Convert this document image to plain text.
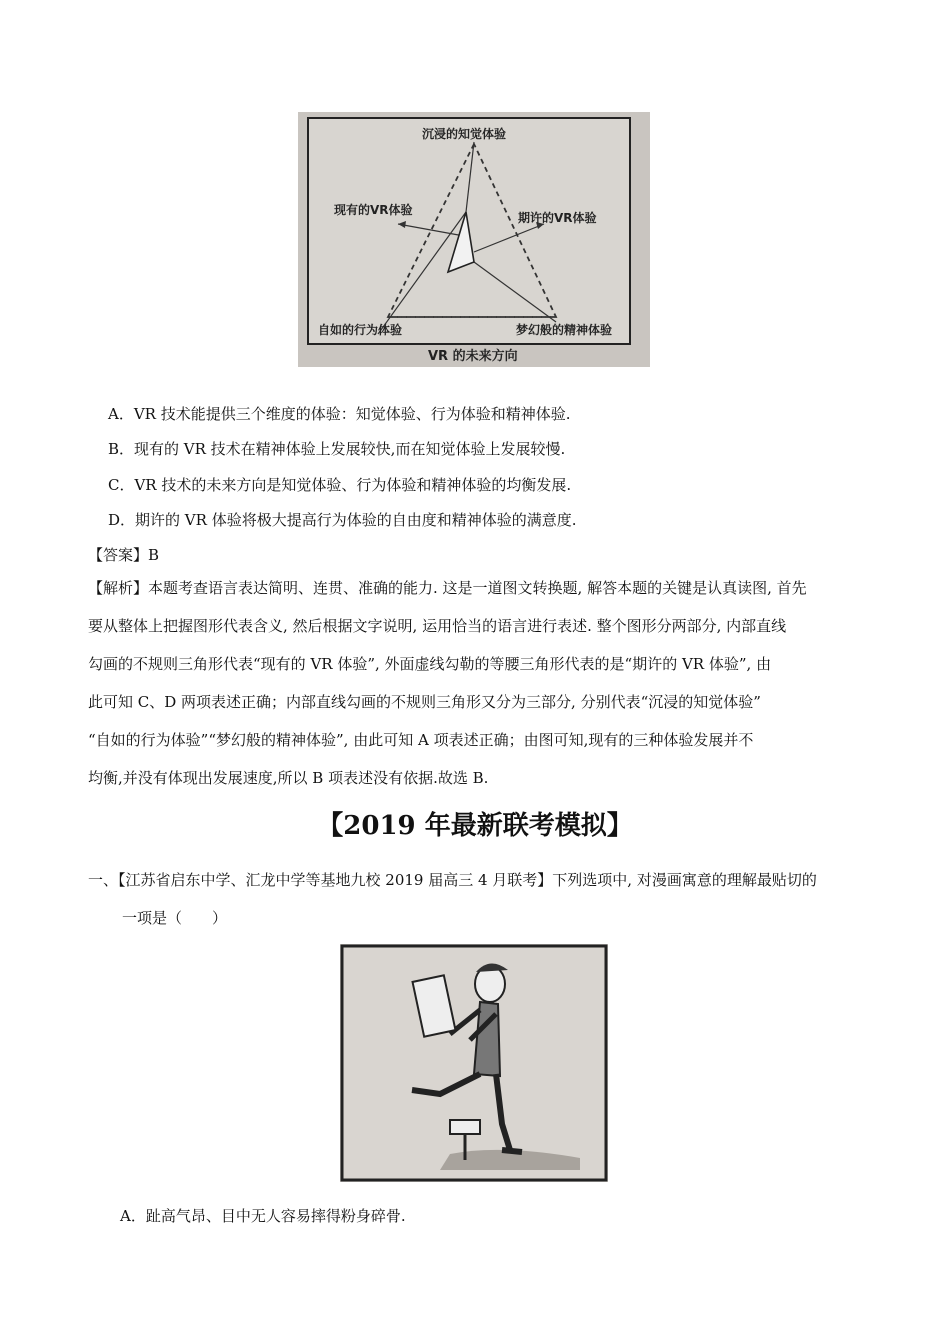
沉浸的知觉体验
现有的VR体验
期许的VR体验
自如的行为体验	梦幻般的精神体验
VR 的未来方向
A．VR 技术能提供三个维度的体验：知觉体验、行为体验和精神体验.
B．现有的 VR 技术在精神体验上发展较快,而在知觉体验上发展较慢.
C．VR 技术的未来方向是知觉体验、行为体验和精神体验的均衡发展.
D．期许的 VR 体验将极大提高行为体验的自由度和精神体验的满意度.
【答案】B
【解析】本题考查语言表达简明、连贯、准确的能力. 这是一道图文转换题, 解答本题的关键是认真读图, 首先
要从整体上把握图形代表含义, 然后根据文字说明, 运用恰当的语言进行表述. 整个图形分两部分, 内部直线
勾画的不规则三角形代表“现有的 VR 体验”, 外面虚线勾勒的等腰三角形代表的是“期许的 VR 体验”, 由
此可知 C、D 两项表述正确；内部直线勾画的不规则三角形又分为三部分, 分别代表“沉浸的知觉体验”
“自如的行为体验”“梦幻般的精神体验”, 由此可知 A 项表述正确；由图可知,现有的三种体验发展并不
均衡,并没有体现出发展速度,所以 B 项表述没有依据.故选 B.
【2019 年最新联考模拟】
一、【江苏省启东中学、汇龙中学等基地九校 2019 届高三 4 月联考】下列选项中, 对漫画寓意的理解最贴切的
一项是（　　）
A．趾高气昂、目中无人容易摔得粉身碎骨.
